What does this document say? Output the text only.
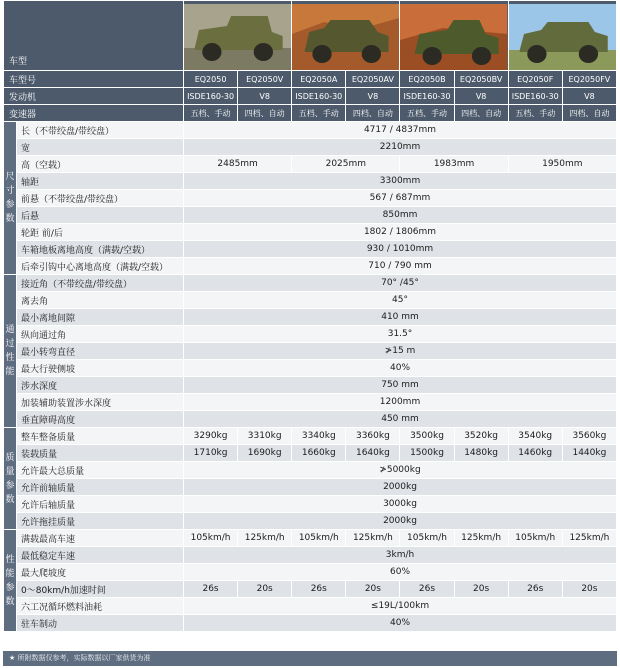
车型	

车型号		EQ2050	EQ2050V	EQ2050A	EQ2050AV	EQ2050B	EQ2050BV	EQ2050F	EQ2050FV
发动机		ISDE160-30	V8	ISDE160-30	V8	ISDE160-30	V8	ISDE160-30	V8
变速器		五档、手动	四档、自动	五档、手动	四档、自动	五档、手动	四档、自动	五档、手动	四档、自动

尺寸参数	长（不带绞盘/带绞盘）	4717 / 4837mm							
	宽	2210mm							
	高（空载）	2485mm		2025mm		1983mm		1950mm	
	轴距	3300mm							
	前悬（不带绞盘/带绞盘）	567 / 687mm							
	后悬	850mm							
	轮距 前/后	1802 / 1806mm							
	车箱地板离地高度（满载/空载）	930 / 1010mm							
	后牵引钩中心离地高度（满载/空载）	710 / 790 mm							

通过性能	接近角（不带绞盘/带绞盘）	70° /45°							
	离去角	45°							
	最小离地间隙	410 mm							
	纵向通过角	31.5°							
	最小转弯直径	≯15 m							
	最大行驶侧坡	40%							
	涉水深度	750 mm							
	加装辅助装置涉水深度	1200mm							
	垂直障碍高度	450 mm							

质量参数	整车整备质量	3290kg	3310kg	3340kg	3360kg	3500kg	3520kg	3540kg	3560kg
	装载质量	1710kg	1690kg	1660kg	1640kg	1500kg	1480kg	1460kg	1440kg
	允许最大总质量	≯5000kg							
	允许前轴质量	2000kg							
	允许后轴质量	3000kg							
	允许拖挂质量	2000kg							

性能参数	满载最高车速	105km/h	125km/h	105km/h	125km/h	105km/h	125km/h	105km/h	125km/h
	最低稳定车速	3km/h							
	最大爬坡度	60%							
	0～80km/h加速时间	26s	20s	26s	20s	26s	20s	26s	20s
	六工况循环燃料油耗	≤19L/100km							
	驻车制动	40%							
★ 所附数据仅参考，实际数据以厂家供货为准
